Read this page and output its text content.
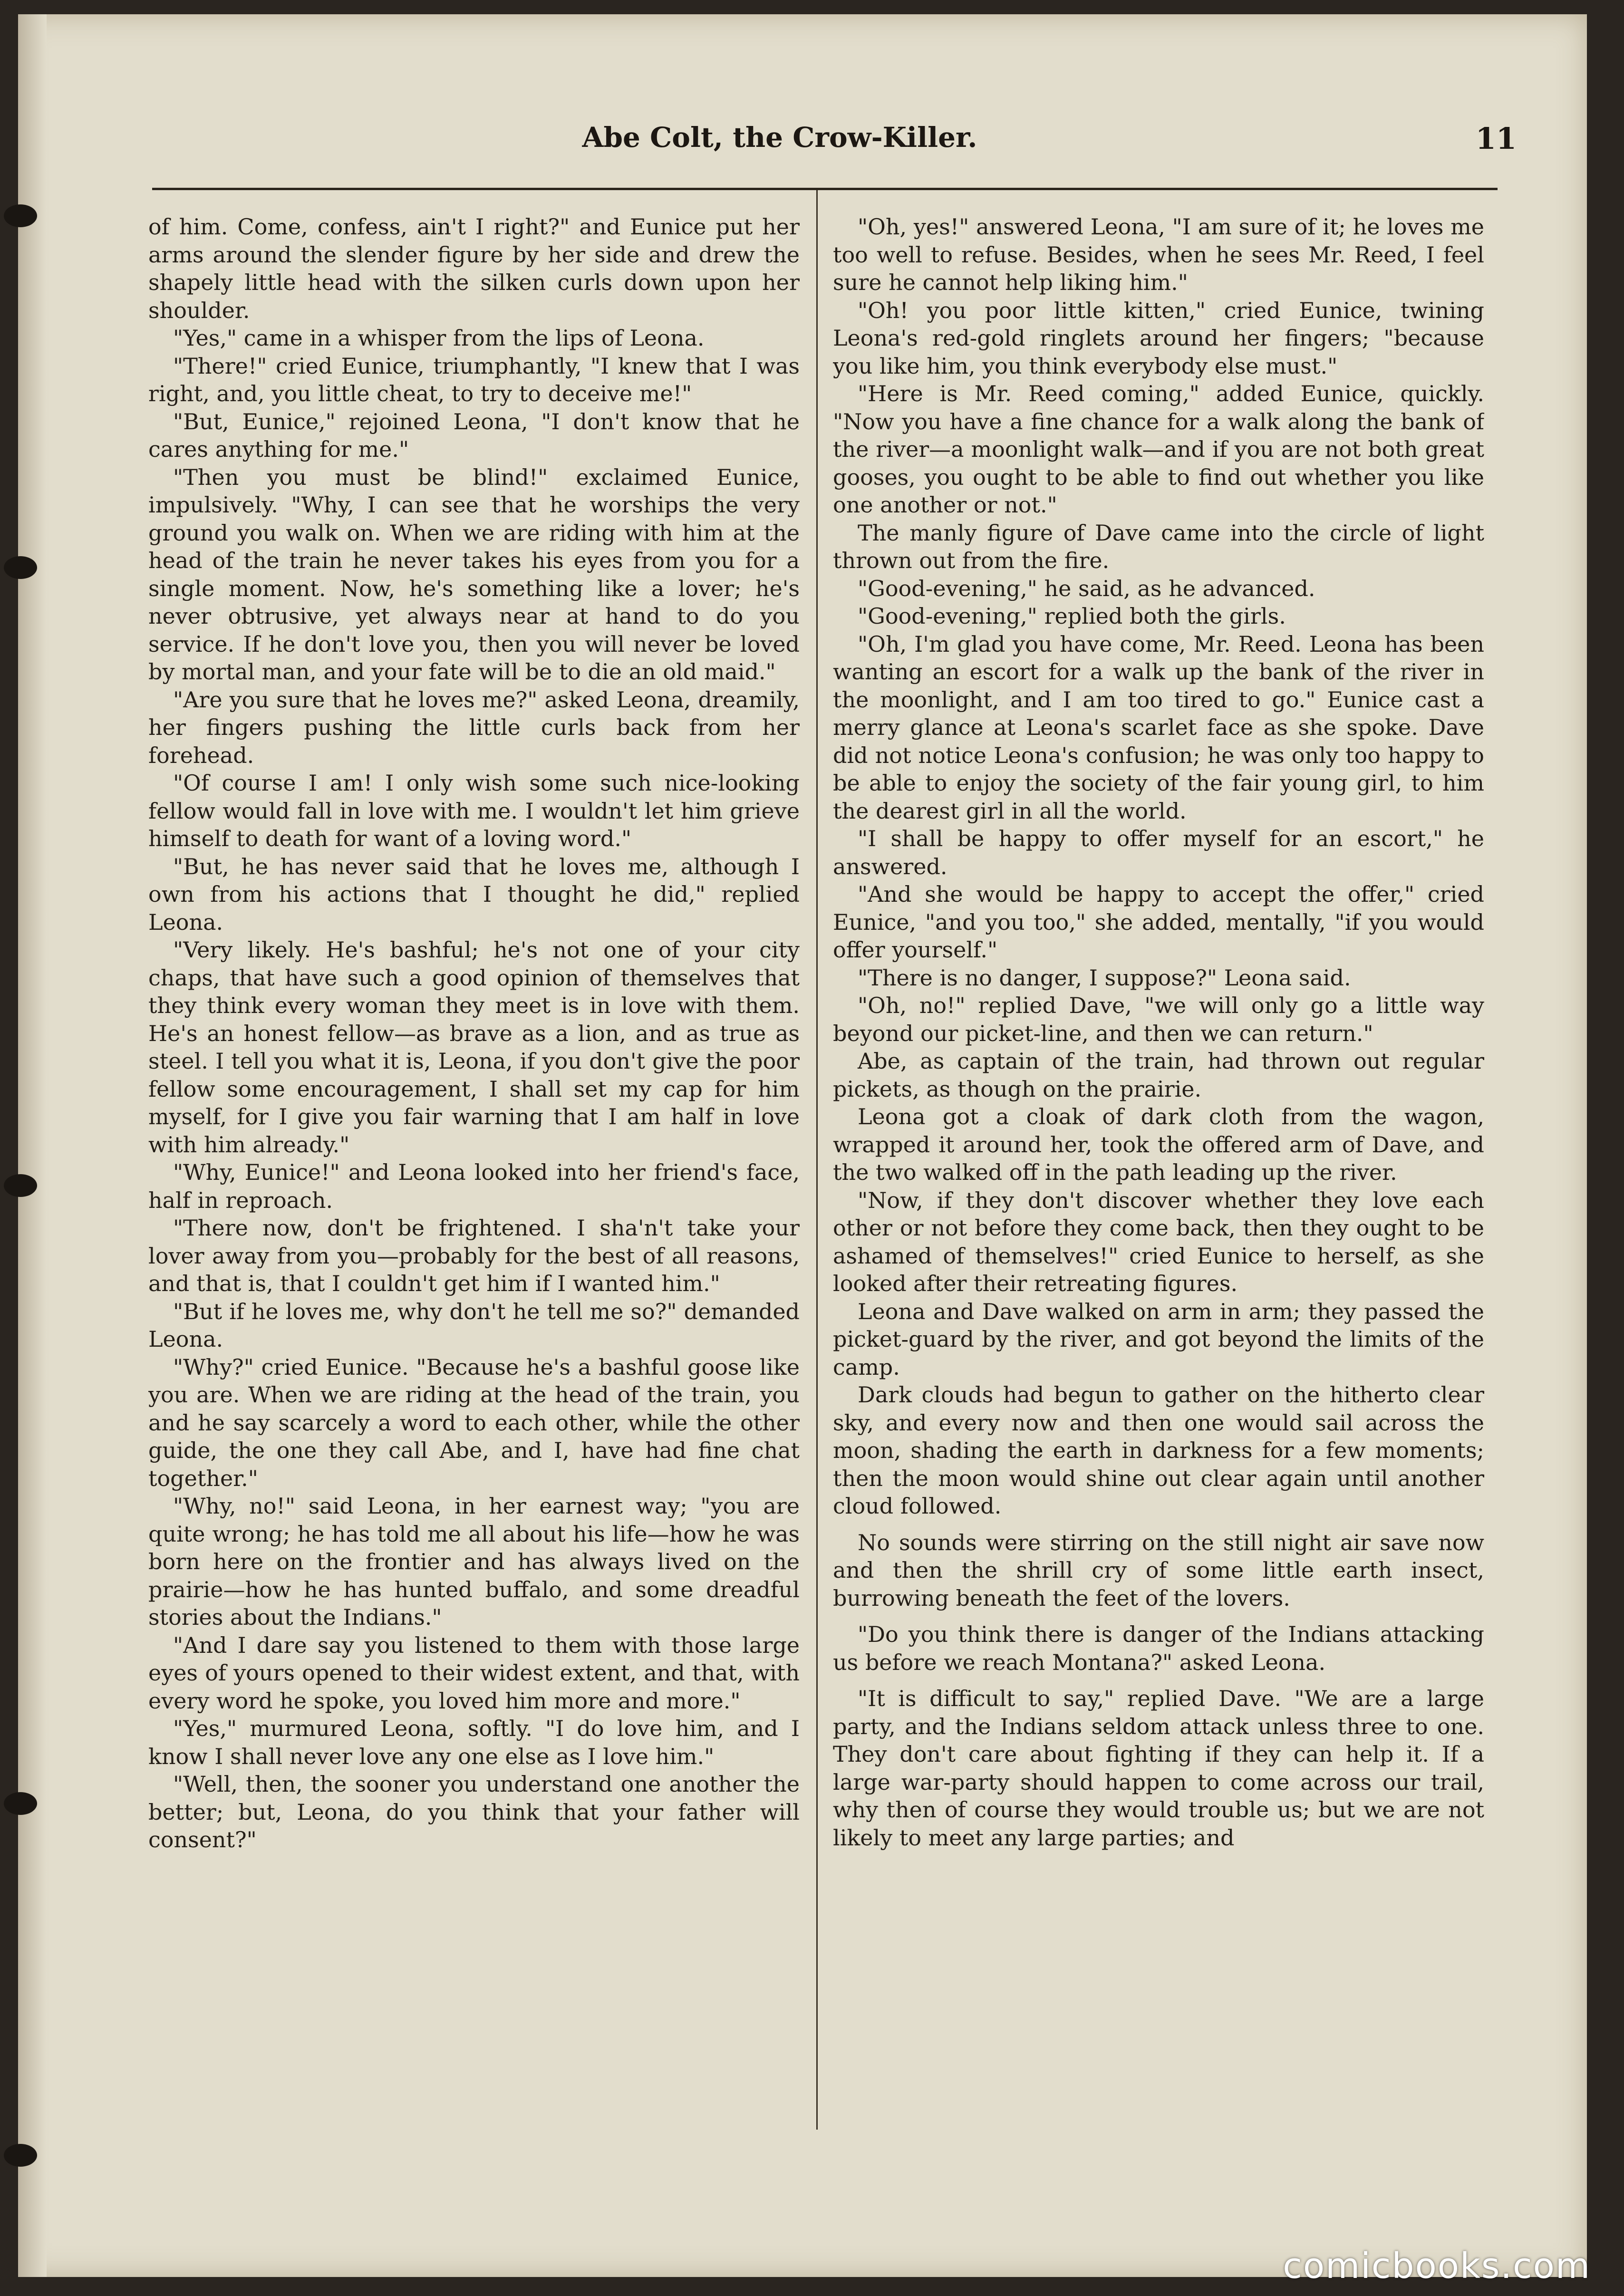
Abe Colt, the Crow-Killer.	11

of him. Come, confess, ain't I right?" and Eunice put her arms around the slender figure by her side and drew the shapely little head with the silken curls down upon her shoulder.

"Yes," came in a whisper from the lips of Leona.

"There!" cried Eunice, triumphantly, "I knew that I was right, and, you little cheat, to try to deceive me!"

"But, Eunice," rejoined Leona, "I don't know that he cares anything for me."

"Then you must be blind!" exclaimed Eunice, impulsively. "Why, I can see that he worships the very ground you walk on. When we are riding with him at the head of the train he never takes his eyes from you for a single moment. Now, he's something like a lover; he's never obtrusive, yet always near at hand to do you service. If he don't love you, then you will never be loved by mortal man, and your fate will be to die an old maid."

"Are you sure that he loves me?" asked Leona, dreamily, her fingers pushing the little curls back from her forehead.

"Of course I am! I only wish some such nice-looking fellow would fall in love with me. I wouldn't let him grieve himself to death for want of a loving word."

"But, he has never said that he loves me, although I own from his actions that I thought he did," replied Leona.

"Very likely. He's bashful; he's not one of your city chaps, that have such a good opinion of themselves that they think every woman they meet is in love with them. He's an honest fellow—as brave as a lion, and as true as steel. I tell you what it is, Leona, if you don't give the poor fellow some encouragement, I shall set my cap for him myself, for I give you fair warning that I am half in love with him already."

"Why, Eunice!" and Leona looked into her friend's face, half in reproach.

"There now, don't be frightened. I sha'n't take your lover away from you—probably for the best of all reasons, and that is, that I couldn't get him if I wanted him."

"But if he loves me, why don't he tell me so?" demanded Leona.

"Why?" cried Eunice. "Because he's a bashful goose like you are. When we are riding at the head of the train, you and he say scarcely a word to each other, while the other guide, the one they call Abe, and I, have had fine chat together."

"Why, no!" said Leona, in her earnest way; "you are quite wrong; he has told me all about his life—how he was born here on the frontier and has always lived on the prairie—how he has hunted buffalo, and some dreadful stories about the Indians."

"And I dare say you listened to them with those large eyes of yours opened to their widest extent, and that, with every word he spoke, you loved him more and more."

"Yes," murmured Leona, softly. "I do love him, and I know I shall never love any one else as I love him."

"Well, then, the sooner you understand one another the better; but, Leona, do you think that your father will consent?"

"Oh, yes!" answered Leona, "I am sure of it; he loves me too well to refuse. Besides, when he sees Mr. Reed, I feel sure he cannot help liking him."

"Oh! you poor little kitten," cried Eunice, twining Leona's red-gold ringlets around her fingers; "because you like him, you think everybody else must."

"Here is Mr. Reed coming," added Eunice, quickly. "Now you have a fine chance for a walk along the bank of the river—a moonlight walk—and if you are not both great gooses, you ought to be able to find out whether you like one another or not."

The manly figure of Dave came into the circle of light thrown out from the fire.

"Good-evening," he said, as he advanced.

"Good-evening," replied both the girls.

"Oh, I'm glad you have come, Mr. Reed. Leona has been wanting an escort for a walk up the bank of the river in the moonlight, and I am too tired to go." Eunice cast a merry glance at Leona's scarlet face as she spoke. Dave did not notice Leona's confusion; he was only too happy to be able to enjoy the society of the fair young girl, to him the dearest girl in all the world.

"I shall be happy to offer myself for an escort," he answered.

"And she would be happy to accept the offer," cried Eunice, "and you too," she added, mentally, "if you would offer yourself."

"There is no danger, I suppose?" Leona said.

"Oh, no!" replied Dave, "we will only go a little way beyond our picket-line, and then we can return."

Abe, as captain of the train, had thrown out regular pickets, as though on the prairie.

Leona got a cloak of dark cloth from the wagon, wrapped it around her, took the offered arm of Dave, and the two walked off in the path leading up the river.

"Now, if they don't discover whether they love each other or not before they come back, then they ought to be ashamed of themselves!" cried Eunice to herself, as she looked after their retreating figures.

Leona and Dave walked on arm in arm; they passed the picket-guard by the river, and got beyond the limits of the camp.

Dark clouds had begun to gather on the hitherto clear sky, and every now and then one would sail across the moon, shading the earth in darkness for a few moments; then the moon would shine out clear again until another cloud followed.

No sounds were stirring on the still night air save now and then the shrill cry of some little earth insect, burrowing beneath the feet of the lovers.

"Do you think there is danger of the Indians attacking us before we reach Montana?" asked Leona.

"It is difficult to say," replied Dave. "We are a large party, and the Indians seldom attack unless three to one. They don't care about fighting if they can help it. If a large war-party should happen to come across our trail, why then of course they would trouble us; but we are not likely to meet any large parties; and

comicbooks.com
